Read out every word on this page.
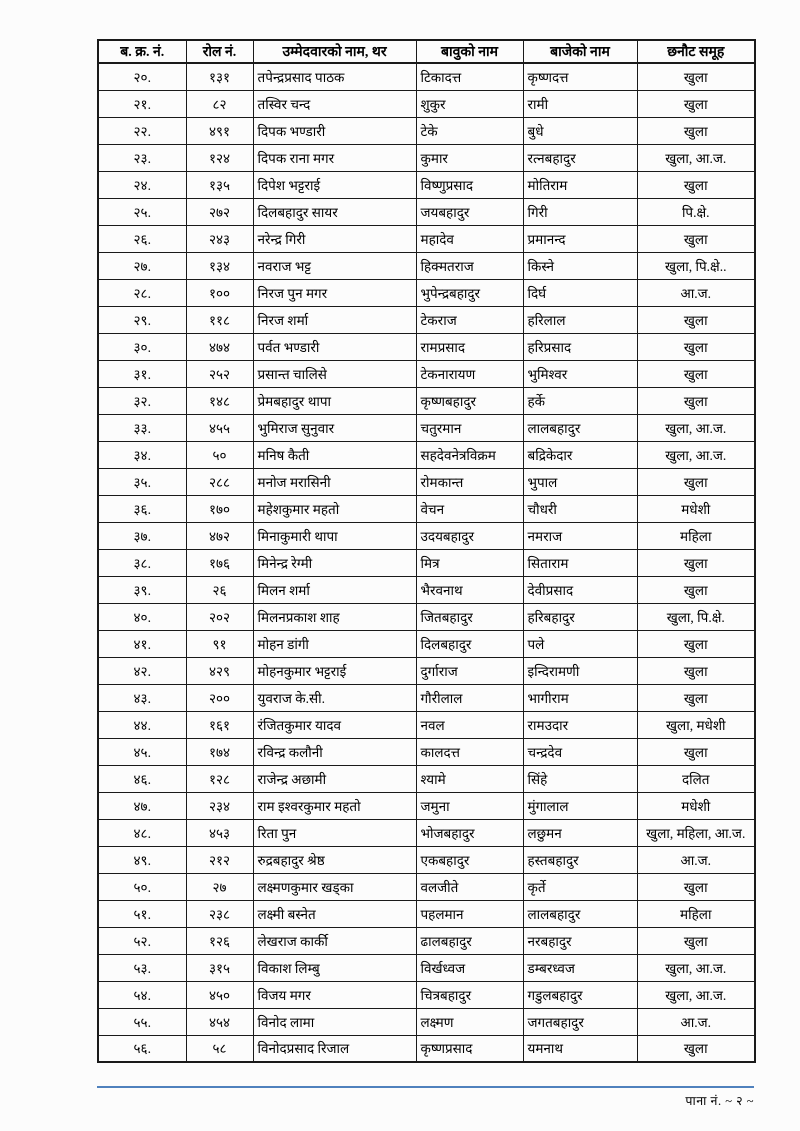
ब. क्र. नं.	रोल नं.	उम्मेदवारको नाम, थर	बावुको नाम	बाजेको नाम	छनौट समूह
२०.	१३१	तपेन्द्रप्रसाद पाठक	टिकादत्त	कृष्णदत्त	खुला
२१.	८२	तस्विर चन्द	शुकुर	रामी	खुला
२२.	४९१	दिपक भण्डारी	टेके	बुधे	खुला
२३.	१२४	दिपक राना मगर	कुमार	रत्नबहादुर	खुला, आ.ज.
२४.	१३५	दिपेश भट्टराई	विष्णुप्रसाद	मोतिराम	खुला
२५.	२७२	दिलबहादुर सायर	जयबहादुर	गिरी	पि.क्षे.
२६.	२४३	नरेन्द्र गिरी	महादेव	प्रमानन्द	खुला
२७.	१३४	नवराज भट्ट	हिक्मतराज	किस्ने	खुला, पि.क्षे..
२८.	१००	निरज पुन मगर	भुपेन्द्रबहादुर	दिर्घ	आ.ज.
२९.	११८	निरज शर्मा	टेकराज	हरिलाल	खुला
३०.	४७४	पर्वत भण्डारी	रामप्रसाद	हरिप्रसाद	खुला
३१.	२५२	प्रसान्त चालिसे	टेकनारायण	भुमिश्वर	खुला
३२.	१४८	प्रेमबहादुर थापा	कृष्णबहादुर	हर्के	खुला
३३.	४५५	भुमिराज सुनुवार	चतुरमान	लालबहादुर	खुला, आ.ज.
३४.	५०	मनिष कैती	सहदेवनेत्रविक्रम	बद्रिकेदार	खुला, आ.ज.
३५.	२८८	मनोज मरासिनी	रोमकान्त	भुपाल	खुला
३६.	१७०	महेशकुमार महतो	वेचन	चौधरी	मधेशी
३७.	४७२	मिनाकुमारी थापा	उदयबहादुर	नमराज	महिला
३८.	१७६	मिनेन्द्र रेग्मी	मित्र	सिताराम	खुला
३९.	२६	मिलन शर्मा	भैरवनाथ	देवीप्रसाद	खुला
४०.	२०२	मिलनप्रकाश शाह	जितबहादुर	हरिबहादुर	खुला, पि.क्षे.
४१.	९१	मोहन डांगी	दिलबहादुर	पले	खुला
४२.	४२९	मोहनकुमार भट्टराई	दुर्गाराज	इन्दिरामणी	खुला
४३.	२००	युवराज के.सी.	गौरीलाल	भागीराम	खुला
४४.	१६१	रंजितकुमार यादव	नवल	रामउदार	खुला, मधेशी
४५.	१७४	रविन्द्र कलौनी	कालदत्त	चन्द्रदेव	खुला
४६.	१२८	राजेन्द्र अछामी	श्यामे	सिंहे	दलित
४७.	२३४	राम इश्वरकुमार महतो	जमुना	मुंगालाल	मधेशी
४८.	४५३	रिता पुन	भोजबहादुर	लछुमन	खुला, महिला, आ.ज.
४९.	२१२	रुद्रबहादुर श्रेष्ठ	एकबहादुर	हस्तबहादुर	आ.ज.
५०.	२७	लक्ष्मणकुमार खड्का	वलजीते	कृर्ते	खुला
५१.	२३८	लक्ष्मी बस्नेत	पहलमान	लालबहादुर	महिला
५२.	१२६	लेखराज कार्की	ढालबहादुर	नरबहादुर	खुला
५३.	३१५	विकाश लिम्बु	विर्खध्वज	डम्बरध्वज	खुला, आ.ज.
५४.	४५०	विजय मगर	चित्रबहादुर	गडुलबहादुर	खुला, आ.ज.
५५.	४५४	विनोद लामा	लक्ष्मण	जगतबहादुर	आ.ज.
५६.	५८	विनोदप्रसाद रिजाल	कृष्णप्रसाद	यमनाथ	खुला
पाना नं. ~ २ ~
